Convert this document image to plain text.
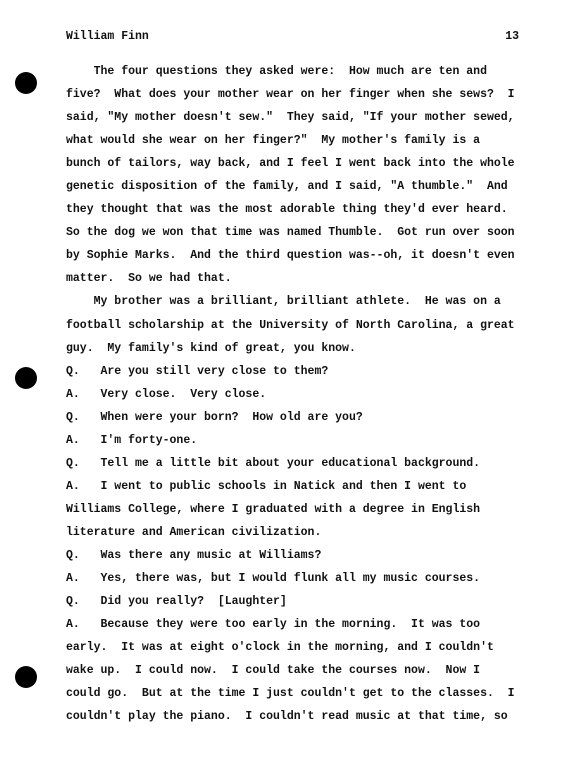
William Finn	13
The four questions they asked were:  How much are ten and
five?  What does your mother wear on her finger when she sews?  I
said, "My mother doesn't sew."  They said, "If your mother sewed,
what would she wear on her finger?"  My mother's family is a
bunch of tailors, way back, and I feel I went back into the whole
genetic disposition of the family, and I said, "A thumble."  And
they thought that was the most adorable thing they'd ever heard.
So the dog we won that time was named Thumble.  Got run over soon
by Sophie Marks.  And the third question was--oh, it doesn't even
matter.  So we had that.
My brother was a brilliant, brilliant athlete.  He was on a
football scholarship at the University of North Carolina, a great
guy.  My family's kind of great, you know.
Q.   Are you still very close to them?
A.   Very close.  Very close.
Q.   When were your born?  How old are you?
A.   I'm forty-one.
Q.   Tell me a little bit about your educational background.
A.   I went to public schools in Natick and then I went to
Williams College, where I graduated with a degree in English
literature and American civilization.
Q.   Was there any music at Williams?
A.   Yes, there was, but I would flunk all my music courses.
Q.   Did you really?  [Laughter]
A.   Because they were too early in the morning.  It was too
early.  It was at eight o'clock in the morning, and I couldn't
wake up.  I could now.  I could take the courses now.  Now I
could go.  But at the time I just couldn't get to the classes.  I
couldn't play the piano.  I couldn't read music at that time, so
